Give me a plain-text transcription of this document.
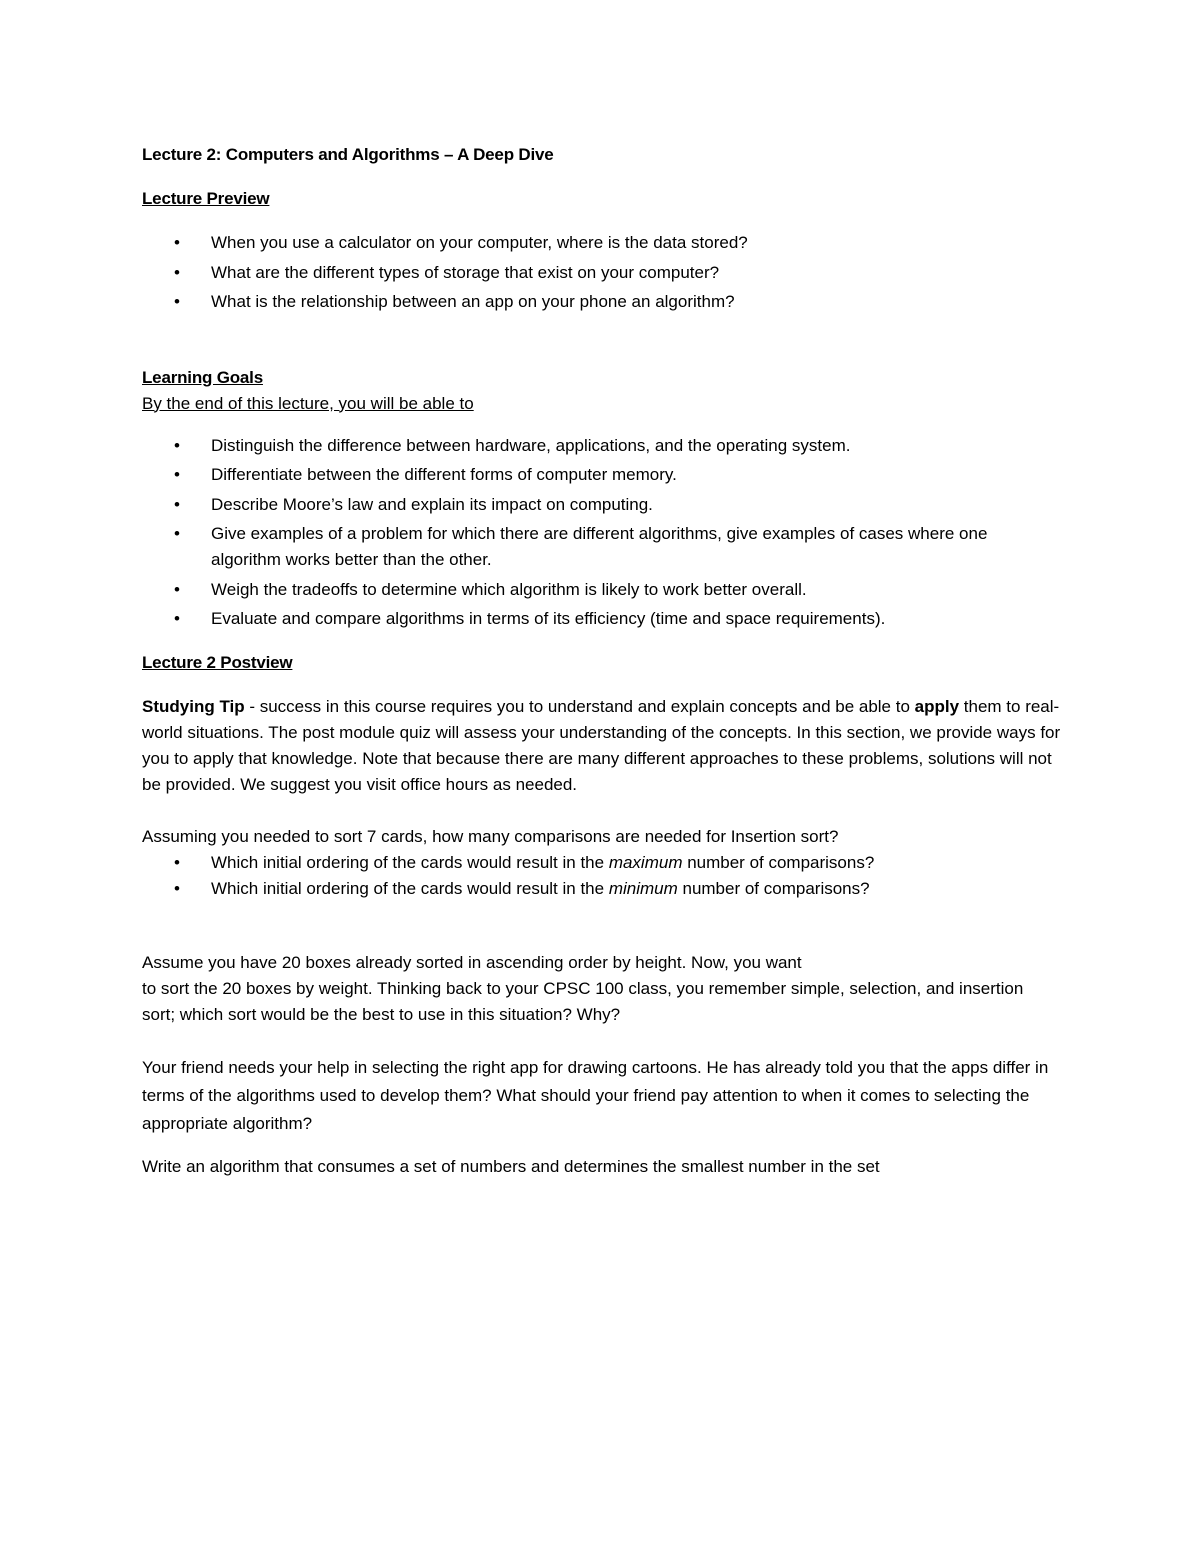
Lecture 2: Computers and Algorithms – A Deep Dive

Lecture Preview

• When you use a calculator on your computer, where is the data stored?
• What are the different types of storage that exist on your computer?
• What is the relationship between an app on your phone an algorithm?

Learning Goals

By the end of this lecture, you will be able to

• Distinguish the difference between hardware, applications, and the operating system.
• Differentiate between the different forms of computer memory.
• Describe Moore’s law and explain its impact on computing.
• Give examples of a problem for which there are different algorithms, give examples of cases where one algorithm works better than the other.
• Weigh the tradeoffs to determine which algorithm is likely to work better overall.
• Evaluate and compare algorithms in terms of its efficiency (time and space requirements).

Lecture 2 Postview

Studying Tip - success in this course requires you to understand and explain concepts and be able to apply them to real-world situations. The post module quiz will assess your understanding of the concepts. In this section, we provide ways for you to apply that knowledge. Note that because there are many different approaches to these problems, solutions will not be provided. We suggest you visit office hours as needed.

Assuming you needed to sort 7 cards, how many comparisons are needed for Insertion sort?

• Which initial ordering of the cards would result in the maximum number of comparisons?
• Which initial ordering of the cards would result in the minimum number of comparisons?

Assume you have 20 boxes already sorted in ascending order by height. Now, you want

to sort the 20 boxes by weight. Thinking back to your CPSC 100 class, you remember simple, selection, and insertion sort; which sort would be the best to use in this situation? Why?

Your friend needs your help in selecting the right app for drawing cartoons. He has already told you that the apps differ in terms of the algorithms used to develop them? What should your friend pay attention to when it comes to selecting the appropriate algorithm?

Write an algorithm that consumes a set of numbers and determines the smallest number in the set
